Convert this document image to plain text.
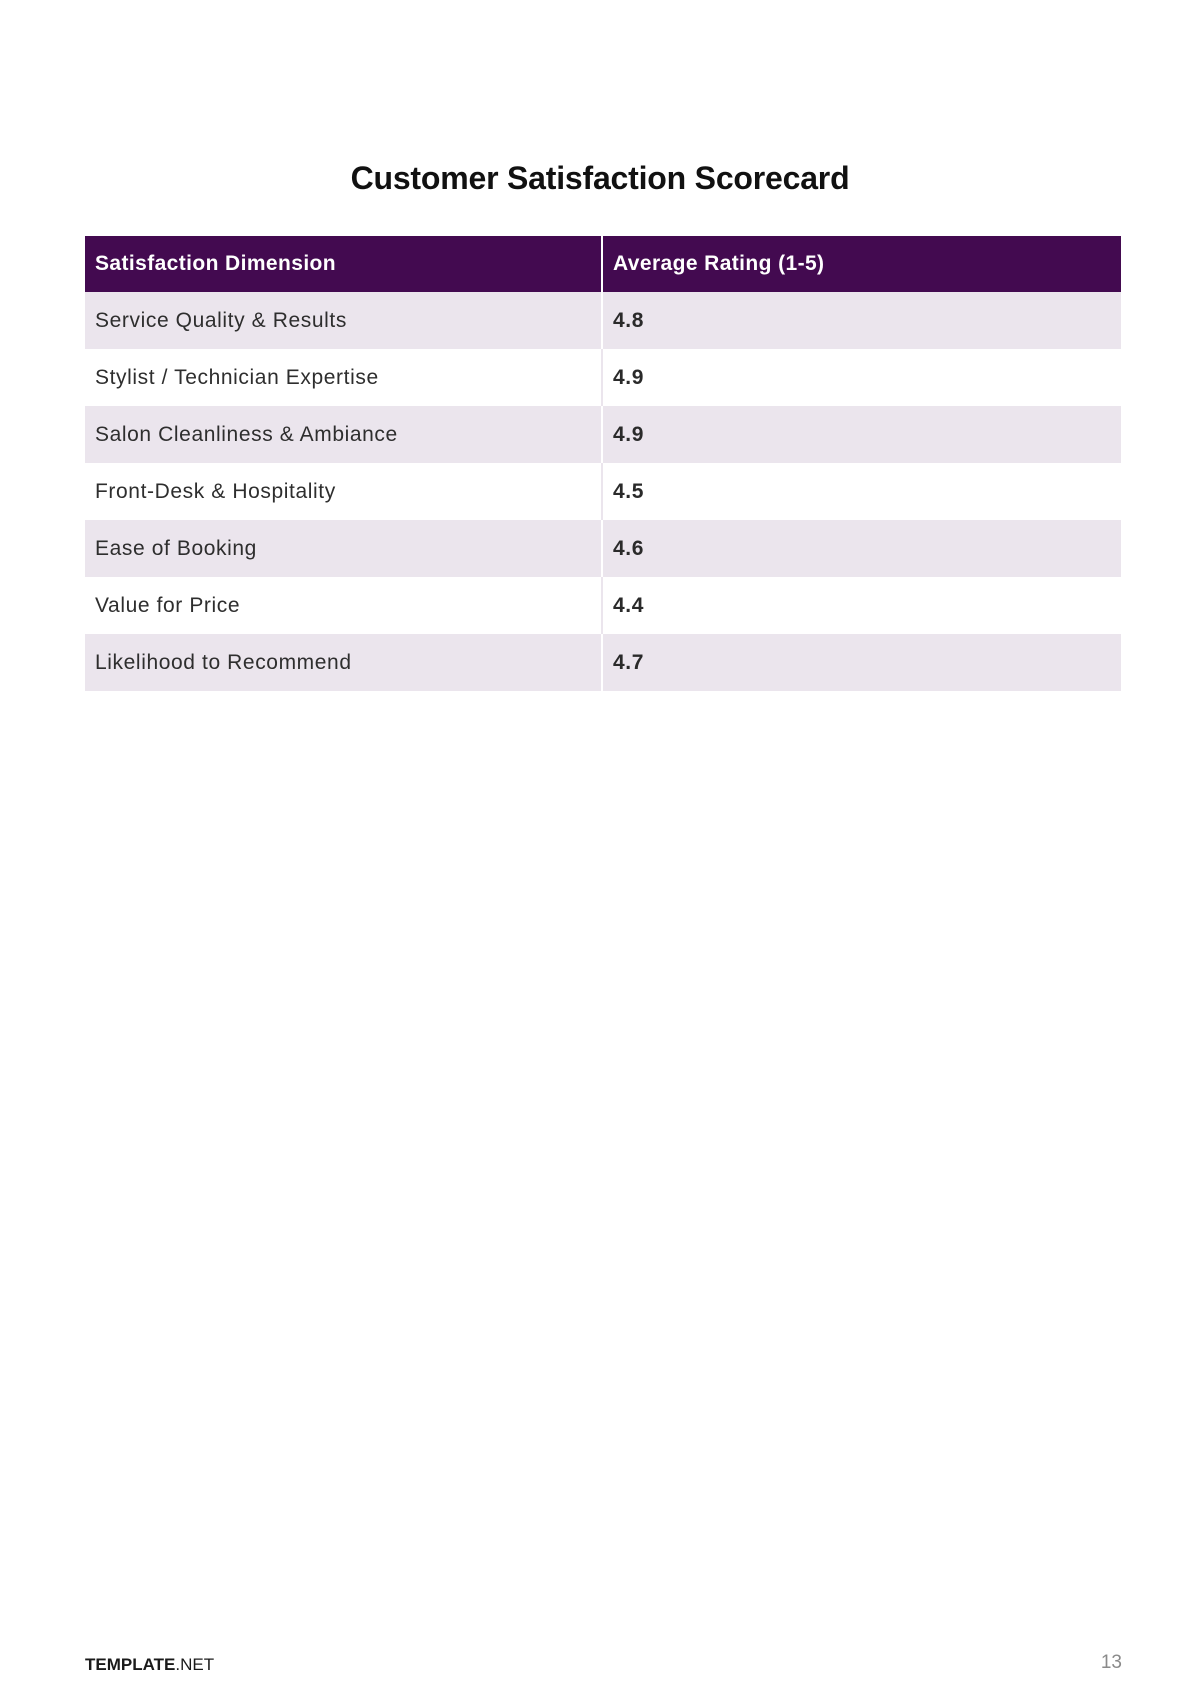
Customer Satisfaction Scorecard
Satisfaction Dimension	Average Rating (1-5)
Service Quality & Results	4.8
Stylist / Technician Expertise	4.9
Salon Cleanliness & Ambiance	4.9
Front-Desk & Hospitality	4.5
Ease of Booking	4.6
Value for Price	4.4
Likelihood to Recommend	4.7
TEMPLATE.NET	13
